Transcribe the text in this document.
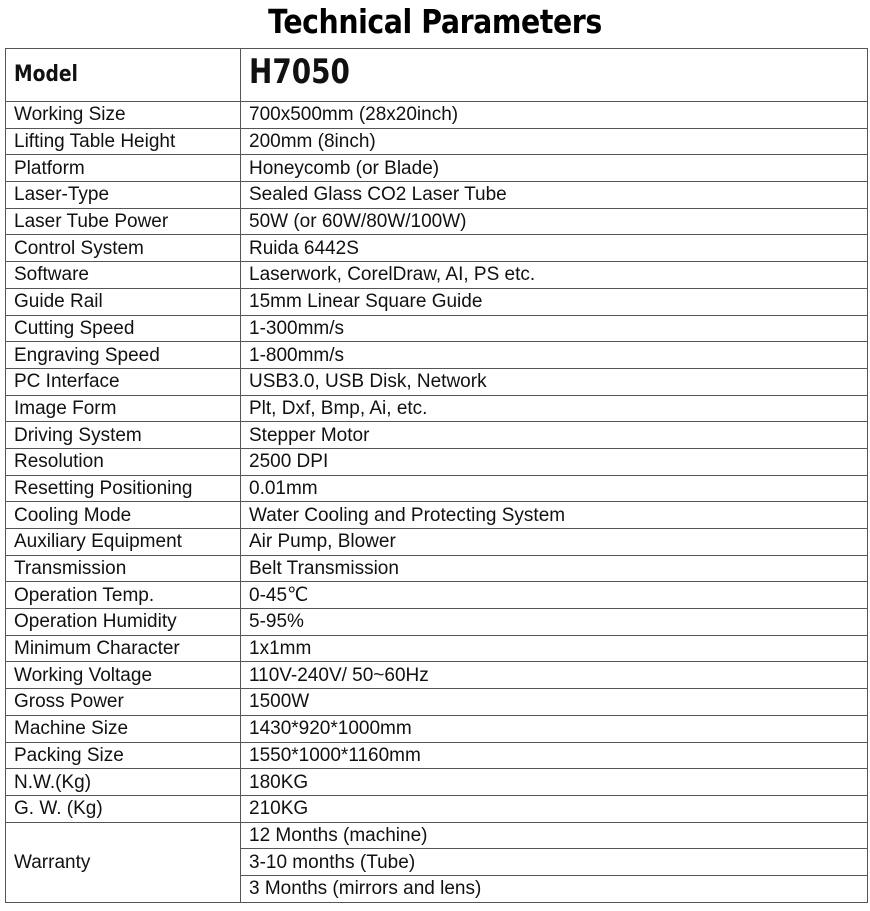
Technical Parameters
Model	H7050
Working Size	700x500mm (28x20inch)
Lifting Table Height	200mm (8inch)
Platform	Honeycomb (or Blade)
Laser-Type	Sealed Glass CO2 Laser Tube
Laser Tube Power	50W (or 60W/80W/100W)
Control System	Ruida 6442S
Software	Laserwork, CorelDraw, AI, PS etc.
Guide Rail	15mm Linear Square Guide
Cutting Speed	1-300mm/s
Engraving Speed	1-800mm/s
PC Interface	USB3.0, USB Disk, Network
Image Form	Plt, Dxf, Bmp, Ai, etc.
Driving System	Stepper Motor
Resolution	2500 DPI
Resetting Positioning	0.01mm
Cooling Mode	Water Cooling and Protecting System
Auxiliary Equipment	Air Pump, Blower
Transmission	Belt Transmission
Operation Temp.	0-45℃
Operation Humidity	5-95%
Minimum Character	1x1mm
Working Voltage	110V-240V/ 50~60Hz
Gross Power	1500W
Machine Size	1430*920*1000mm
Packing Size	1550*1000*1160mm
N.W.(Kg)	180KG
G. W. (Kg)	210KG
Warranty	12 Months (machine)
	3-10 months (Tube)
	3 Months (mirrors and lens)
